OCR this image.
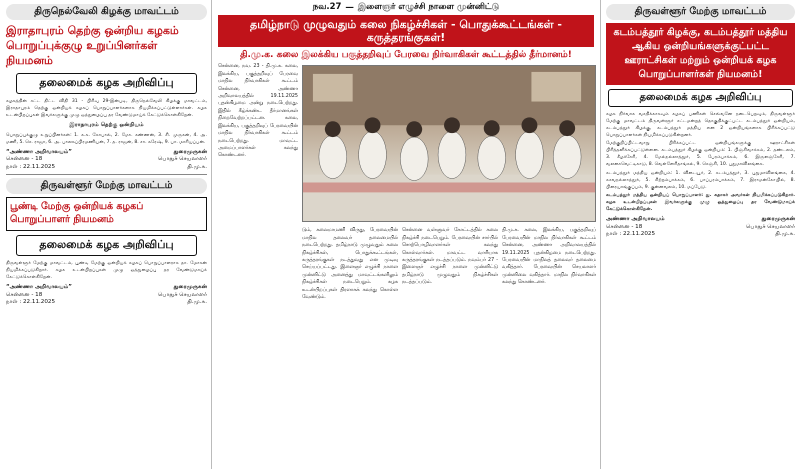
திருநெல்வேலி கிழக்கு மாவட்டம்
இராதாபுரம் தெற்கு ஒன்றிய கழகம் பொறுப்புக்குழு உறுப்பினர்கள் நியமனம்
தலைமைக் கழக அறிவிப்பு

கழகத்தின் சட்ட திட்ட விதி 31 - பிரிவு 29-இன்படி, திருநெல்வேலி கிழக்கு மாவட்டம், இராதாபுரம் தெற்கு ஒன்றியக் கழகப் பொறுப்பாளர்களாக நியமிக்கப்பட்டுள்ளார்கள். கழக உடன்பிறப்புகள் இவர்களுக்கு முழு ஒத்துழைப்பு தர வேண்டுமாய்க் கேட்டுக்கொள்கிறேன்.

இராதாபுரம் தெற்கு ஒன்றியம்

பொறுப்புக்குழு உறுப்பினர்கள்: 1. க.சு. கோபால், 2. மோ. கண்ணன், 3. சி. முருகன், 4. அ. மணி, 5. செ. ராஜா, 6. அ. பாலசுப்பிரமணியன், 7. த. ராஜன், 8. சா. சுரேஷ், 9. பா. மாரியப்பன்.

“அண்ணா அறிவாலயம்”
சென்னை - 18
நாள் : 22.11.2025
துரைமுருகன்
பொதுச் செயலாளர்
தி.மு.க.
திருவள்ளூர் மேற்கு மாவட்டம்
பூண்டி மேற்கு ஒன்றியக் கழகப் பொறுப்பாளர் நியமனம்
தலைமைக் கழக அறிவிப்பு
திருவள்ளூர் மேற்கு மாவட்டம், பூண்டி மேற்கு ஒன்றியக் கழகப் பொறுப்பாளராக தா. மோகன் நியமிக்கப்படுகிறார். கழக உடன்பிறப்புகள் முழு ஒத்துழைப்பு தர வேண்டுமாய்க் கேட்டுக்கொள்கிறேன்.
“அண்ணா அறிவாலயம்”
சென்னை - 18
நாள் : 22.11.2025
துரைமுருகன்
பொதுச் செயலாளர்
தி.மு.க.
நவ.27 — இளைஞர் எழுச்சி நாளை முன்னிட்டு
தமிழ்நாடு முழுவதும் கலை நிகழ்ச்சிகள் - பொதுக்கூட்டங்கள் - கருத்தரங்குகள்!
தி.மு.க. கலை இலக்கிய பகுத்தறிவுப் பேரவை நிர்வாகிகள் கூட்டத்தில் தீர்மானம்!
சென்னை, நவ. 23 - தி.மு.க. கலை, இலக்கிய, பகுத்தறிவுப் பேரவை மாநில நிர்வாகிகள் கூட்டம் சென்னை, அண்ணா அறிவாலயத்தில் 19.11.2025 புதன்கிழமை அன்று நடைபெற்றது. இதில் கீழ்க்கண்ட தீர்மானங்கள் நிறைவேற்றப்பட்டன. கலை, இலக்கிய, பகுத்தறிவுப் பேரவையின் மாநில நிர்வாகிகள் கூட்டம் நடைபெற்றது. மாவட்ட அமைப்பாளர்கள் கலந்து கொண்டனர்.
டும், கலைமாமணி விருது, பேரவையின் மாநில தலைவர் தலைமையில் நடைபெற்றது. தமிழ்நாடு முழுவதும் கலை நிகழ்ச்சிகள், பொதுக்கூட்டங்கள், கருத்தரங்குகள் நடத்துவது என முடிவு செய்யப்பட்டது. இளைஞர் எழுச்சி நாளை முன்னிட்டு அனைத்து மாவட்டங்களிலும் நிகழ்ச்சிகள் நடைபெறும். கழக உடன்பிறப்புகள் திரளாகக் கலந்து கொள்ள வேண்டும்.
சென்னை வள்ளுவர் கோட்டத்தில் கலை நிகழ்ச்சி நடைபெறும். பேரவையின் சார்பில் சொற்பொழிவாளர்கள் கலந்து கொள்வார்கள். மாவட்ட வாரியாக கருத்தரங்குகள் நடத்தப்படும். நவம்பர் 27 - இளைஞர் எழுச்சி நாளை முன்னிட்டு தமிழ்நாடு முழுவதும் நிகழ்ச்சிகள் நடத்தப்படும்.
தி.மு.க. கலை, இலக்கிய, பகுத்தறிவுப் பேரவையின் மாநில நிர்வாகிகள் கூட்டம் சென்னை, அண்ணா அறிவாலயத்தில் 19.11.2025 புதன்கிழமை நடைபெற்றது. பேரவையின் மாநிலத் தலைவர் தலைமை வகித்தார். பேரவையின் செயலாளர் முன்னிலை வகித்தார். மாநில நிர்வாகிகள் கலந்து கொண்டனர்.
திருவள்ளூர் மேற்கு மாவட்டம்
கடம்பத்தூர் கிழக்கு, கடம்பத்தூர் மத்திய ஆகிய ஒன்றியங்களுக்குட்பட்ட ஊராட்சிகள் மற்றும் ஒன்றியக் கழக பொறுப்பாளர்கள் நியமனம்!
தலைமைக் கழக அறிவிப்பு

கழக நிர்வாக வசதிக்காகவும் கழகப் பணிகள் செவ்வனே நடைபெறவும், திருவள்ளூர் மேற்கு மாவட்டம் திருவள்ளூர் சட்டமன்றத் தொகுதிக்குட்பட்ட கடம்பத்தூர் ஒன்றியம், கடம்பத்தூர் கிழக்கு, கடம்பத்தூர் மத்திய என 2 ஒன்றியங்களாக பிரிக்கப்பட்டு பொறுப்பாளர்கள் நியமிக்கப்படுகின்றனர்.

மேற்குறிப்பிட்டவாறு பிரிக்கப்பட்ட ஒன்றியங்களுக்கு ஊராட்சிகள் பிரித்தளிக்கப்பட்டுள்ளன. கடம்பத்தூர் கிழக்கு ஒன்றியம்: 1. பிஞ்சிவாக்கம், 2. தண்டலம், 3. கீழச்சேரி, 4. மேல்நல்லாத்தூர், 5. பேரம்பாக்கம், 6. இருளஞ்சேரி, 7. வலசைவெட்டிகாடு, 8. வெள்ளேரிதாங்கல், 9. செஞ்சி, 10. புதுமாவிலங்கை.

கடம்பத்தூர் மத்திய ஒன்றியம்: 1. விடையூர், 2. கடம்பத்தூர், 3. புதுமாவிலங்கை, 4. கசவநல்லாத்தூர், 5. சிற்றம்பாக்கம், 6. பாப்பரம்பாக்கம், 7. இராமன்கோயில், 8. பிரையாங்குப்பம், 9. குன்னவலம், 10. மப்பேடு.

கடம்பத்தூர் மத்திய ஒன்றியப் பொறுப்பாளர்: து. சுதாகர் அவர்கள் நியமிக்கப்படுகிறார். கழக உடன்பிறப்புகள் இவர்களுக்கு முழு ஒத்துழைப்பு தர வேண்டுமாய்க் கேட்டுக்கொள்கிறேன்.

அண்ணா அறிவாலயம்
சென்னை - 18
நாள் : 22.11.2025
துரைமுருகன்
பொதுச் செயலாளர்
தி.மு.க.
